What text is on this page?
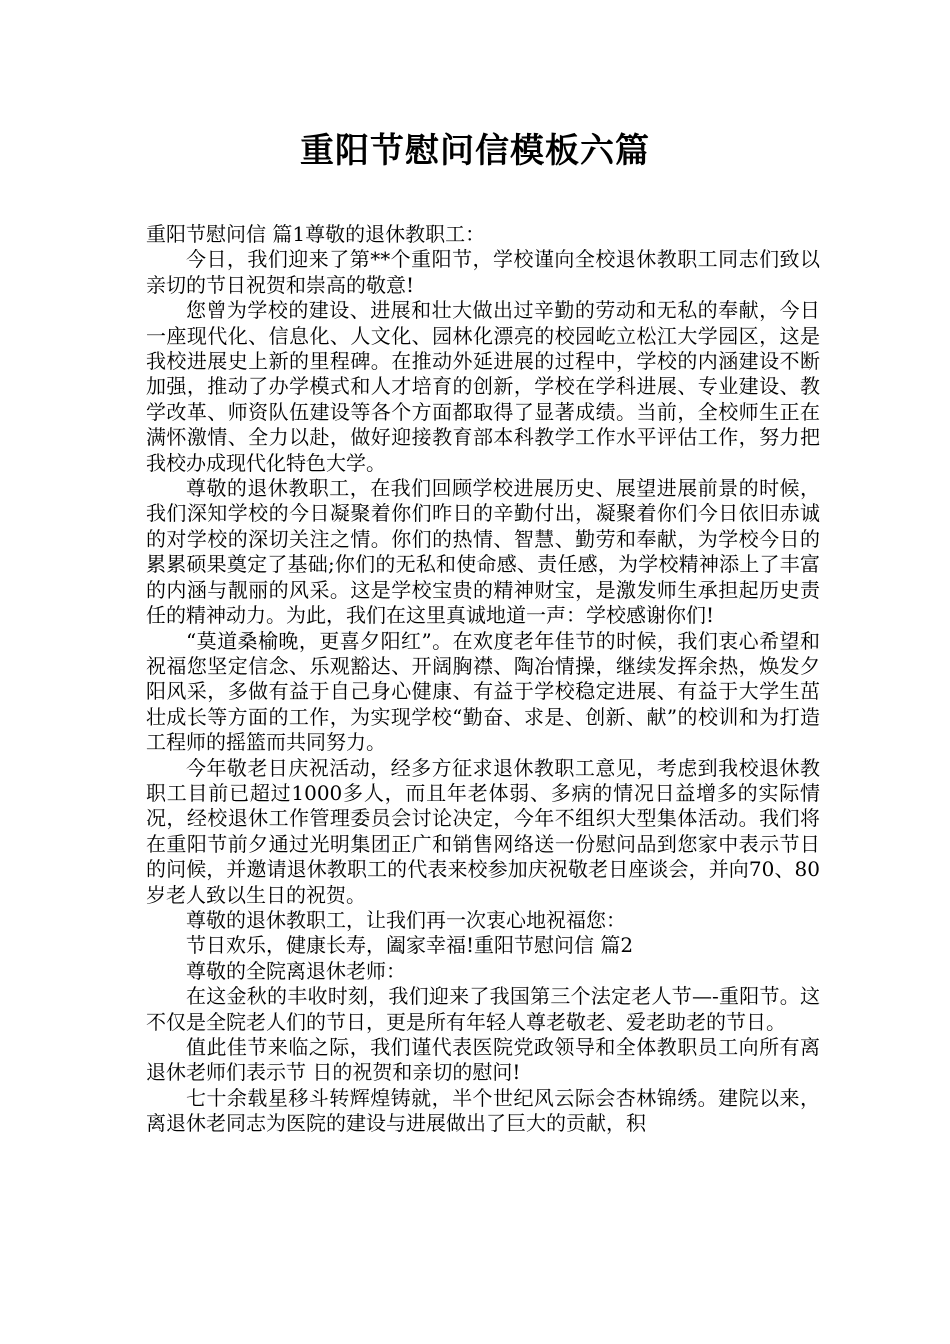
重阳节慰问信模板六篇

重阳节慰问信 篇1尊敬的退休教职工：

今日，我们迎来了第**个重阳节，学校谨向全校退休教职工同志们致以亲切的节日祝贺和崇高的敬意!

您曾为学校的建设、进展和壮大做出过辛勤的劳动和无私的奉献，今日一座现代化、信息化、人文化、园林化漂亮的校园屹立松江大学园区，这是我校进展史上新的里程碑。在推动外延进展的过程中，学校的内涵建设不断加强，推动了办学模式和人才培育的创新，学校在学科进展、专业建设、教学改革、师资队伍建设等各个方面都取得了显著成绩。当前，全校师生正在满怀激情、全力以赴，做好迎接教育部本科教学工作水平评估工作，努力把我校办成现代化特色大学。

尊敬的退休教职工，在我们回顾学校进展历史、展望进展前景的时候，我们深知学校的今日凝聚着你们昨日的辛勤付出，凝聚着你们今日依旧赤诚的对学校的深切关注之情。你们的热情、智慧、勤劳和奉献，为学校今日的累累硕果奠定了基础;你们的无私和使命感、责任感，为学校精神添上了丰富的内涵与靓丽的风采。这是学校宝贵的精神财宝，是激发师生承担起历史责任的精神动力。为此，我们在这里真诚地道一声：学校感谢你们!

“莫道桑榆晚，更喜夕阳红”。在欢度老年佳节的时候，我们衷心希望和祝福您坚定信念、乐观豁达、开阔胸襟、陶冶情操，继续发挥余热，焕发夕阳风采，多做有益于自己身心健康、有益于学校稳定进展、有益于大学生茁壮成长等方面的工作，为实现学校“勤奋、求是、创新、献”的校训和为打造工程师的摇篮而共同努力。

今年敬老日庆祝活动，经多方征求退休教职工意见，考虑到我校退休教职工目前已超过1000多人，而且年老体弱、多病的情况日益增多的实际情况，经校退休工作管理委员会讨论决定，今年不组织大型集体活动。我们将在重阳节前夕通过光明集团正广和销售网络送一份慰问品到您家中表示节日的问候，并邀请退休教职工的代表来校参加庆祝敬老日座谈会，并向70、80岁老人致以生日的祝贺。

尊敬的退休教职工，让我们再一次衷心地祝福您：

节日欢乐，健康长寿，阖家幸福!重阳节慰问信 篇2

尊敬的全院离退休老师：

在这金秋的丰收时刻，我们迎来了我国第三个法定老人节—-重阳节。这不仅是全院老人们的节日，更是所有年轻人尊老敬老、爱老助老的节日。

值此佳节来临之际，我们谨代表医院党政领导和全体教职员工向所有离退休老师们表示节 日的祝贺和亲切的慰问!

七十余载星移斗转辉煌铸就，半个世纪风云际会杏林锦绣。建院以来，离退休老同志为医院的建设与进展做出了巨大的贡献，积
